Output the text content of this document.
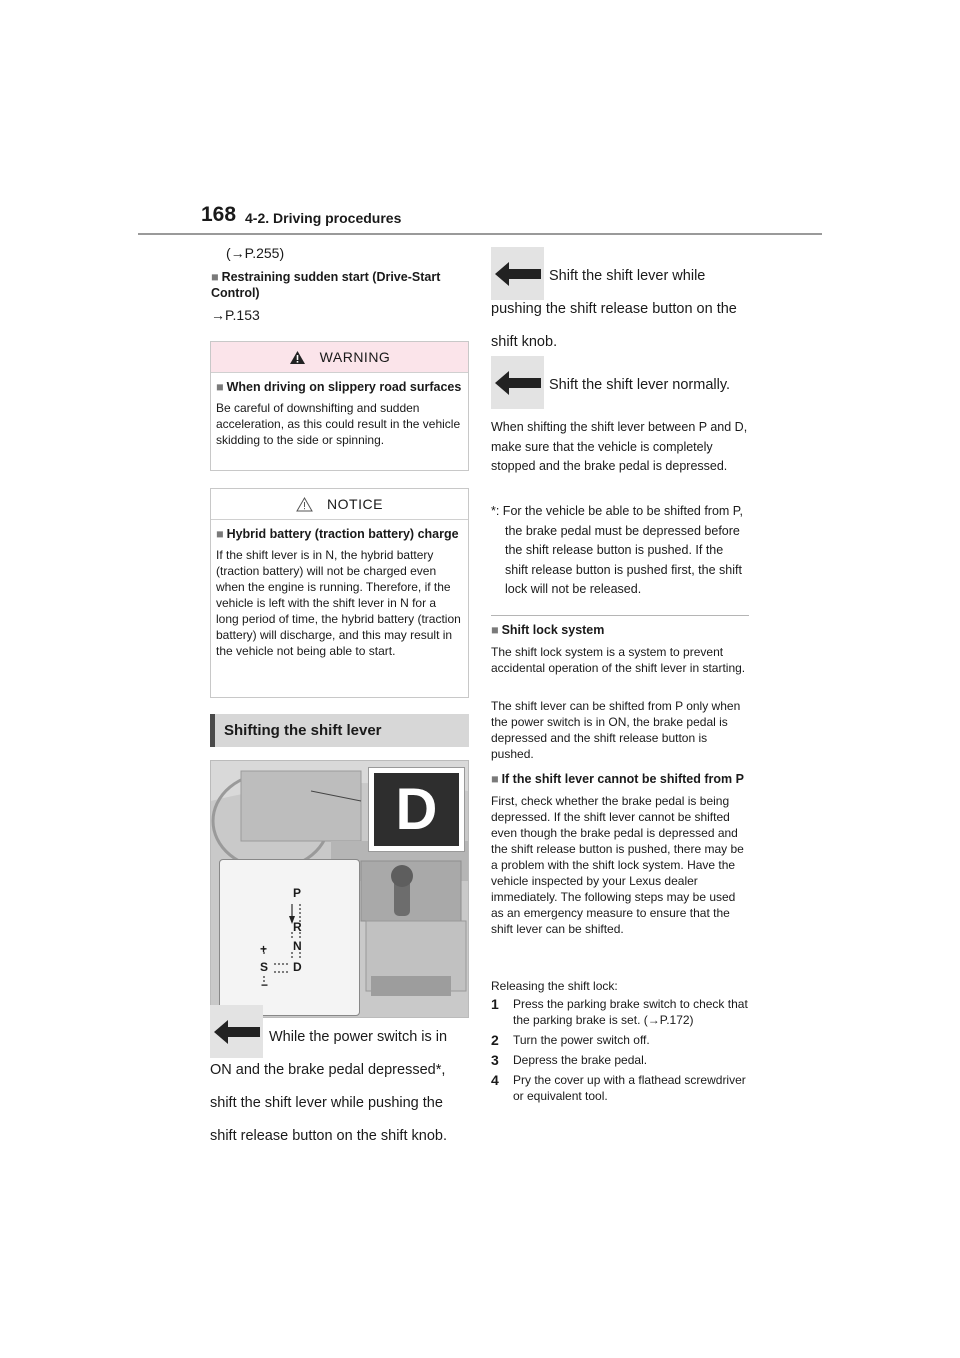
168 4-2. Driving procedures
(→P.255)
■ Restraining sudden start (Drive-Start Control)
→P.153
WARNING
■ When driving on slippery road surfaces
Be careful of downshifting and sudden acceleration, as this could result in the vehicle skidding to the side or spinning.
NOTICE
■ Hybrid battery (traction battery) charge
If the shift lever is in N, the hybrid battery (traction battery) will not be charged even when the engine is running. Therefore, if the vehicle is left with the shift lever in N for a long period of time, the hybrid battery (traction battery) will discharge, and this may result in the vehicle not being able to start.
Shifting the shift lever
D
P
R
N
D
S
+
−
While the power switch is in ON and the brake pedal depressed*, shift the shift lever while pushing the shift release button on the shift knob.
Shift the shift lever while pushing the shift release button on the shift knob.
Shift the shift lever normally.
When shifting the shift lever between P and D, make sure that the vehicle is completely stopped and the brake pedal is depressed.
*: For the vehicle be able to be shifted from P, the brake pedal must be depressed before the shift release button is pushed. If the shift release button is pushed first, the shift lock will not be released.
■ Shift lock system
The shift lock system is a system to prevent accidental operation of the shift lever in starting.
The shift lever can be shifted from P only when the power switch is in ON, the brake pedal is depressed and the shift release button is pushed.
■ If the shift lever cannot be shifted from P
First, check whether the brake pedal is being depressed. If the shift lever cannot be shifted even though the brake pedal is depressed and the shift release button is pushed, there may be a problem with the shift lock system. Have the vehicle inspected by your Lexus dealer immediately. The following steps may be used as an emergency measure to ensure that the shift lever can be shifted.
Releasing the shift lock:
1	Press the parking brake switch to check that the parking brake is set. (→P.172)
2	Turn the power switch off.
3	Depress the brake pedal.
4	Pry the cover up with a flathead screwdriver or equivalent tool.
